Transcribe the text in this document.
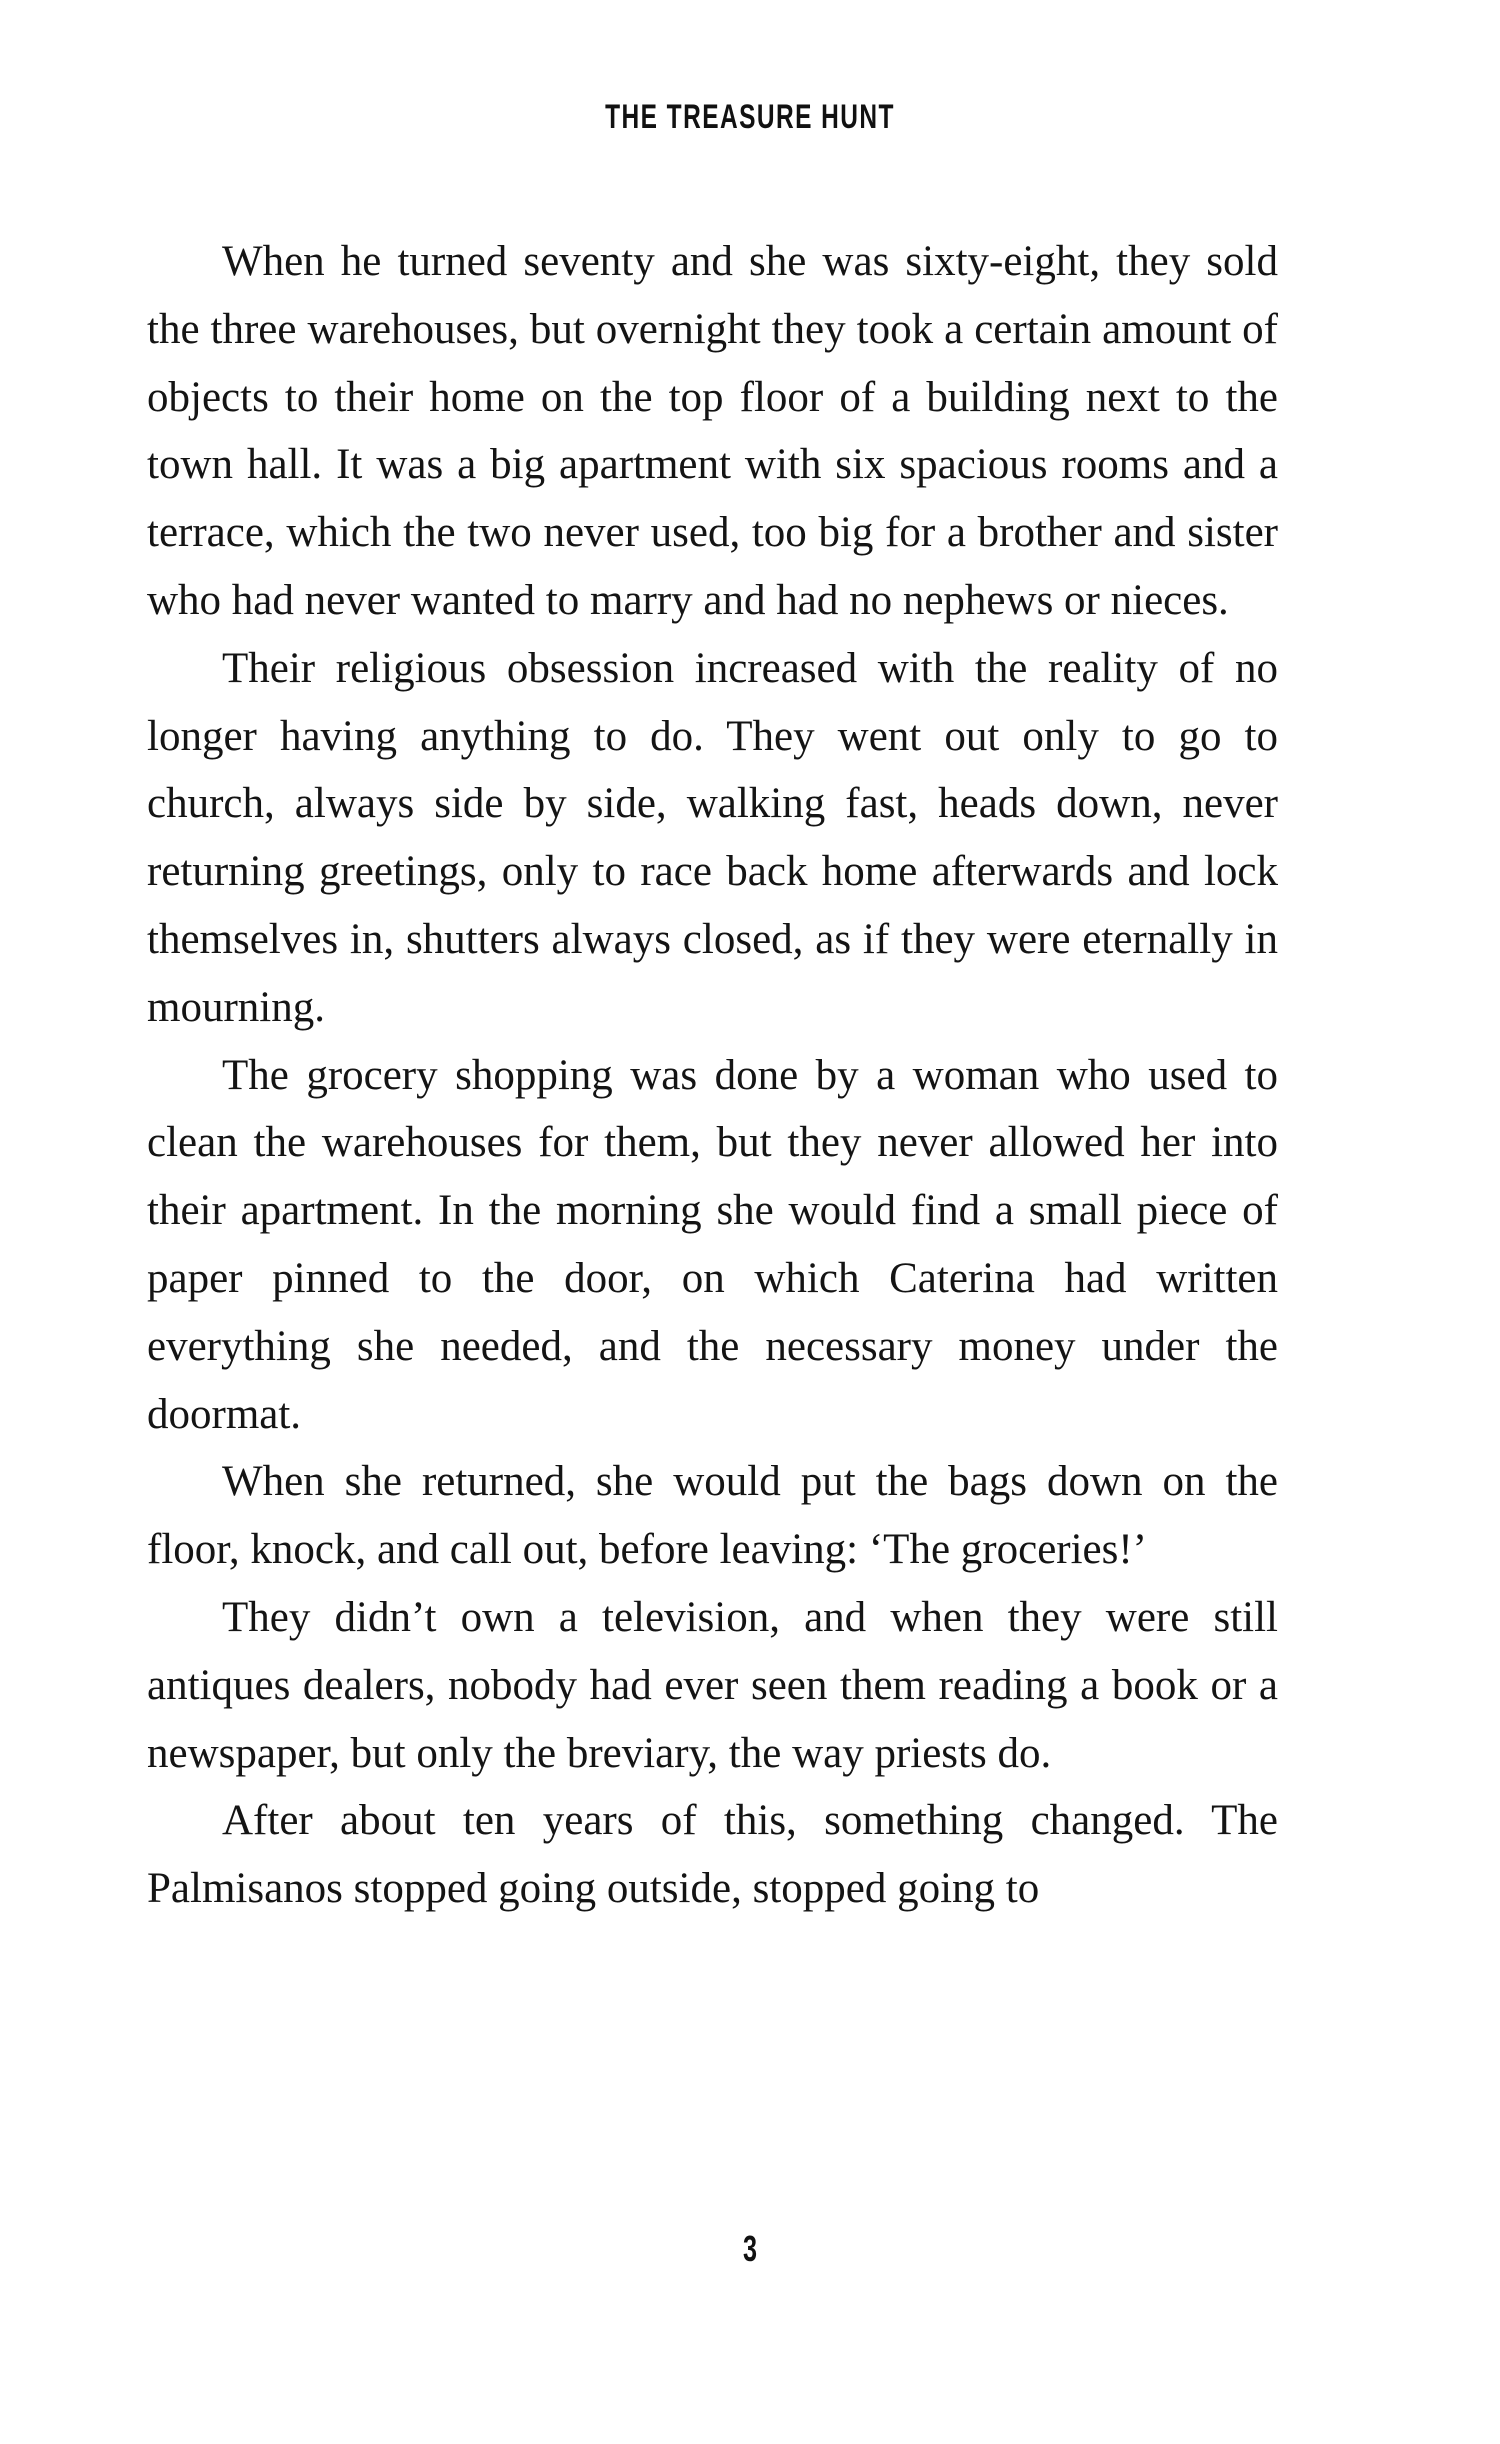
THE TREASURE HUNT

When he turned seventy and she was sixty-eight, they sold the three warehouses, but overnight they took a certain amount of objects to their home on the top floor of a building next to the town hall. It was a big apartment with six spacious rooms and a terrace, which the two never used, too big for a brother and sister who had never wanted to marry and had no nephews or nieces.

Their religious obsession increased with the reality of no longer having anything to do. They went out only to go to church, always side by side, walking fast, heads down, never returning greetings, only to race back home afterwards and lock themselves in, shutters always closed, as if they were eternally in mourning.

The grocery shopping was done by a woman who used to clean the warehouses for them, but they never allowed her into their apartment. In the morning she would find a small piece of paper pinned to the door, on which Caterina had written everything she needed, and the necessary money under the doormat.

When she returned, she would put the bags down on the floor, knock, and call out, before leaving: ‘The groceries!’

They didn’t own a television, and when they were still antiques dealers, nobody had ever seen them reading a book or a newspaper, but only the breviary, the way priests do.

After about ten years of this, something changed. The Palmisanos stopped going outside, stopped going to

3
